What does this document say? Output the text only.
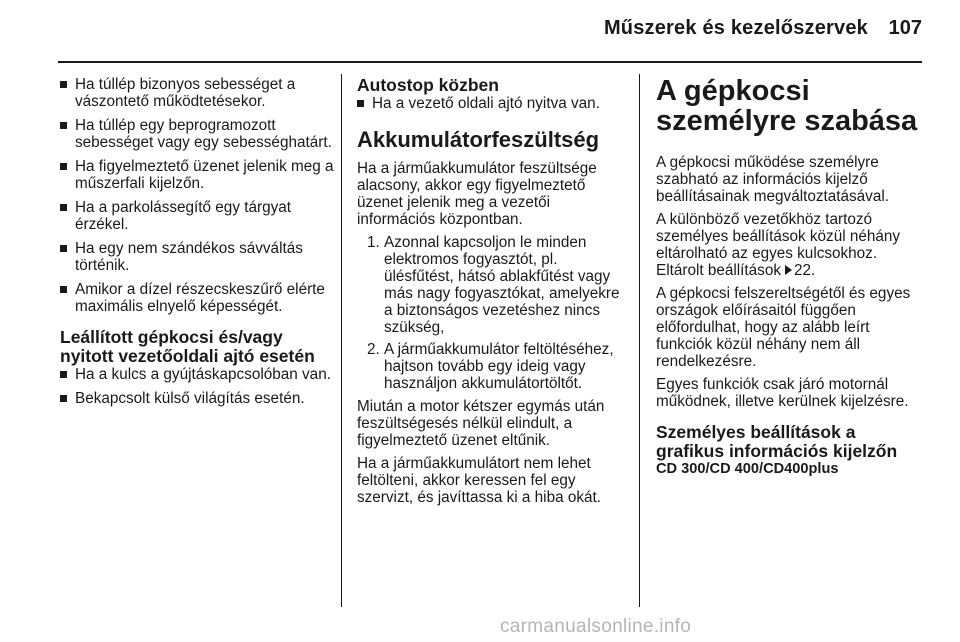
Műszerek és kezelőszervek 107
Ha túllép bizonyos sebességet a vászontető működtetésekor.
Ha túllép egy beprogramozott sebességet vagy egy sebességhatárt.
Ha figyelmeztető üzenet jelenik meg a műszerfali kijelzőn.
Ha a parkolássegítő egy tárgyat érzékel.
Ha egy nem szándékos sávváltás történik.
Amikor a dízel részecskeszűrő elérte maximális elnyelő képességét.
Leállított gépkocsi és/vagy nyitott vezetőoldali ajtó esetén
Ha a kulcs a gyújtáskapcsolóban van.
Bekapcsolt külső világítás esetén.
Autostop közben
Ha a vezető oldali ajtó nyitva van.
Akkumulátorfeszültség

Ha a járműakkumulátor feszültsége alacsony, akkor egy figyelmeztető üzenet jelenik meg a vezetői információs központban.

1. Azonnal kapcsoljon le minden elektromos fogyasztót, pl. ülésfűtést, hátsó ablakfűtést vagy más nagy fogyasztókat, amelyekre a biztonságos vezetéshez nincs szükség,
2. A járműakkumulátor feltöltéséhez, hajtson tovább egy ideig vagy használjon akkumulátortöltőt.

Miután a motor kétszer egymás után feszültségesés nélkül elindult, a figyelmeztető üzenet eltűnik.

Ha a járműakkumulátort nem lehet feltölteni, akkor keressen fel egy szervizt, és javíttassa ki a hiba okát.

A gépkocsi személyre szabása

A gépkocsi működése személyre szabható az információs kijelző beállításainak megváltoztatásával.

A különböző vezetőkhöz tartozó személyes beállítások közül néhány eltárolható az egyes kulcsokhoz. Eltárolt beállítások 22.

A gépkocsi felszereltségétől és egyes országok előírásaitól függően előfordulhat, hogy az alább leírt funkciók közül néhány nem áll rendelkezésre.

Egyes funkciók csak járó motornál működnek, illetve kerülnek kijelzésre.

Személyes beállítások a grafikus információs kijelzőn
CD 300/CD 400/CD400plus
carmanualsonline.info
